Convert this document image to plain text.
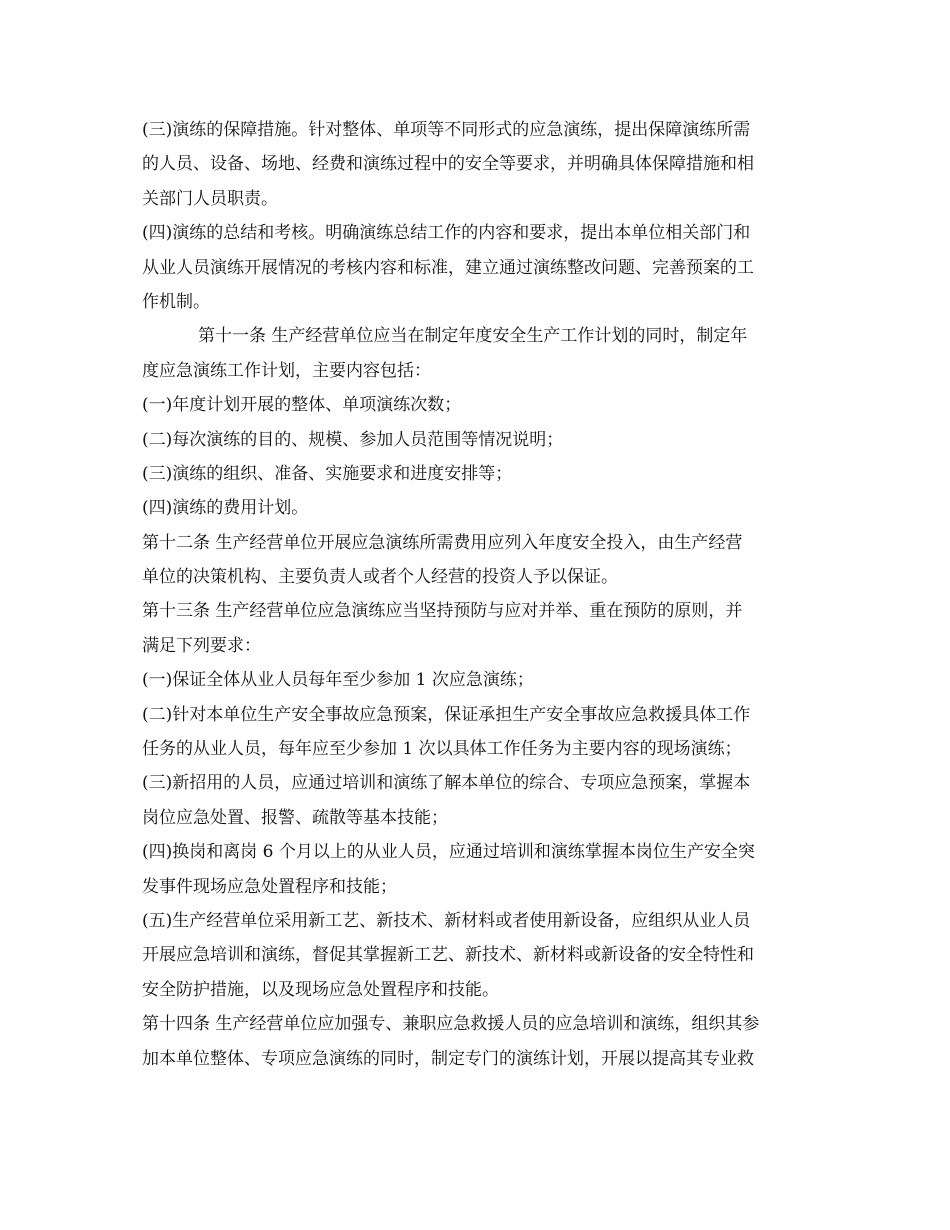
(三)演练的保障措施。针对整体、单项等不同形式的应急演练，提出保障演练所需
的人员、设备、场地、经费和演练过程中的安全等要求，并明确具体保障措施和相
关部门人员职责。
(四)演练的总结和考核。明确演练总结工作的内容和要求，提出本单位相关部门和
从业人员演练开展情况的考核内容和标准，建立通过演练整改问题、完善预案的工
作机制。
第十一条 生产经营单位应当在制定年度安全生产工作计划的同时，制定年
度应急演练工作计划，主要内容包括：
(一)年度计划开展的整体、单项演练次数；
(二)每次演练的目的、规模、参加人员范围等情况说明；
(三)演练的组织、准备、实施要求和进度安排等；
(四)演练的费用计划。
第十二条 生产经营单位开展应急演练所需费用应列入年度安全投入，由生产经营
单位的决策机构、主要负责人或者个人经营的投资人予以保证。
第十三条 生产经营单位应急演练应当坚持预防与应对并举、重在预防的原则，并
满足下列要求：
(一)保证全体从业人员每年至少参加 1 次应急演练；
(二)针对本单位生产安全事故应急预案，保证承担生产安全事故应急救援具体工作
任务的从业人员，每年应至少参加 1 次以具体工作任务为主要内容的现场演练；
(三)新招用的人员，应通过培训和演练了解本单位的综合、专项应急预案，掌握本
岗位应急处置、报警、疏散等基本技能；
(四)换岗和离岗 6 个月以上的从业人员，应通过培训和演练掌握本岗位生产安全突
发事件现场应急处置程序和技能；
(五)生产经营单位采用新工艺、新技术、新材料或者使用新设备，应组织从业人员
开展应急培训和演练，督促其掌握新工艺、新技术、新材料或新设备的安全特性和
安全防护措施，以及现场应急处置程序和技能。
第十四条 生产经营单位应加强专、兼职应急救援人员的应急培训和演练，组织其参
加本单位整体、专项应急演练的同时，制定专门的演练计划，开展以提高其专业救
